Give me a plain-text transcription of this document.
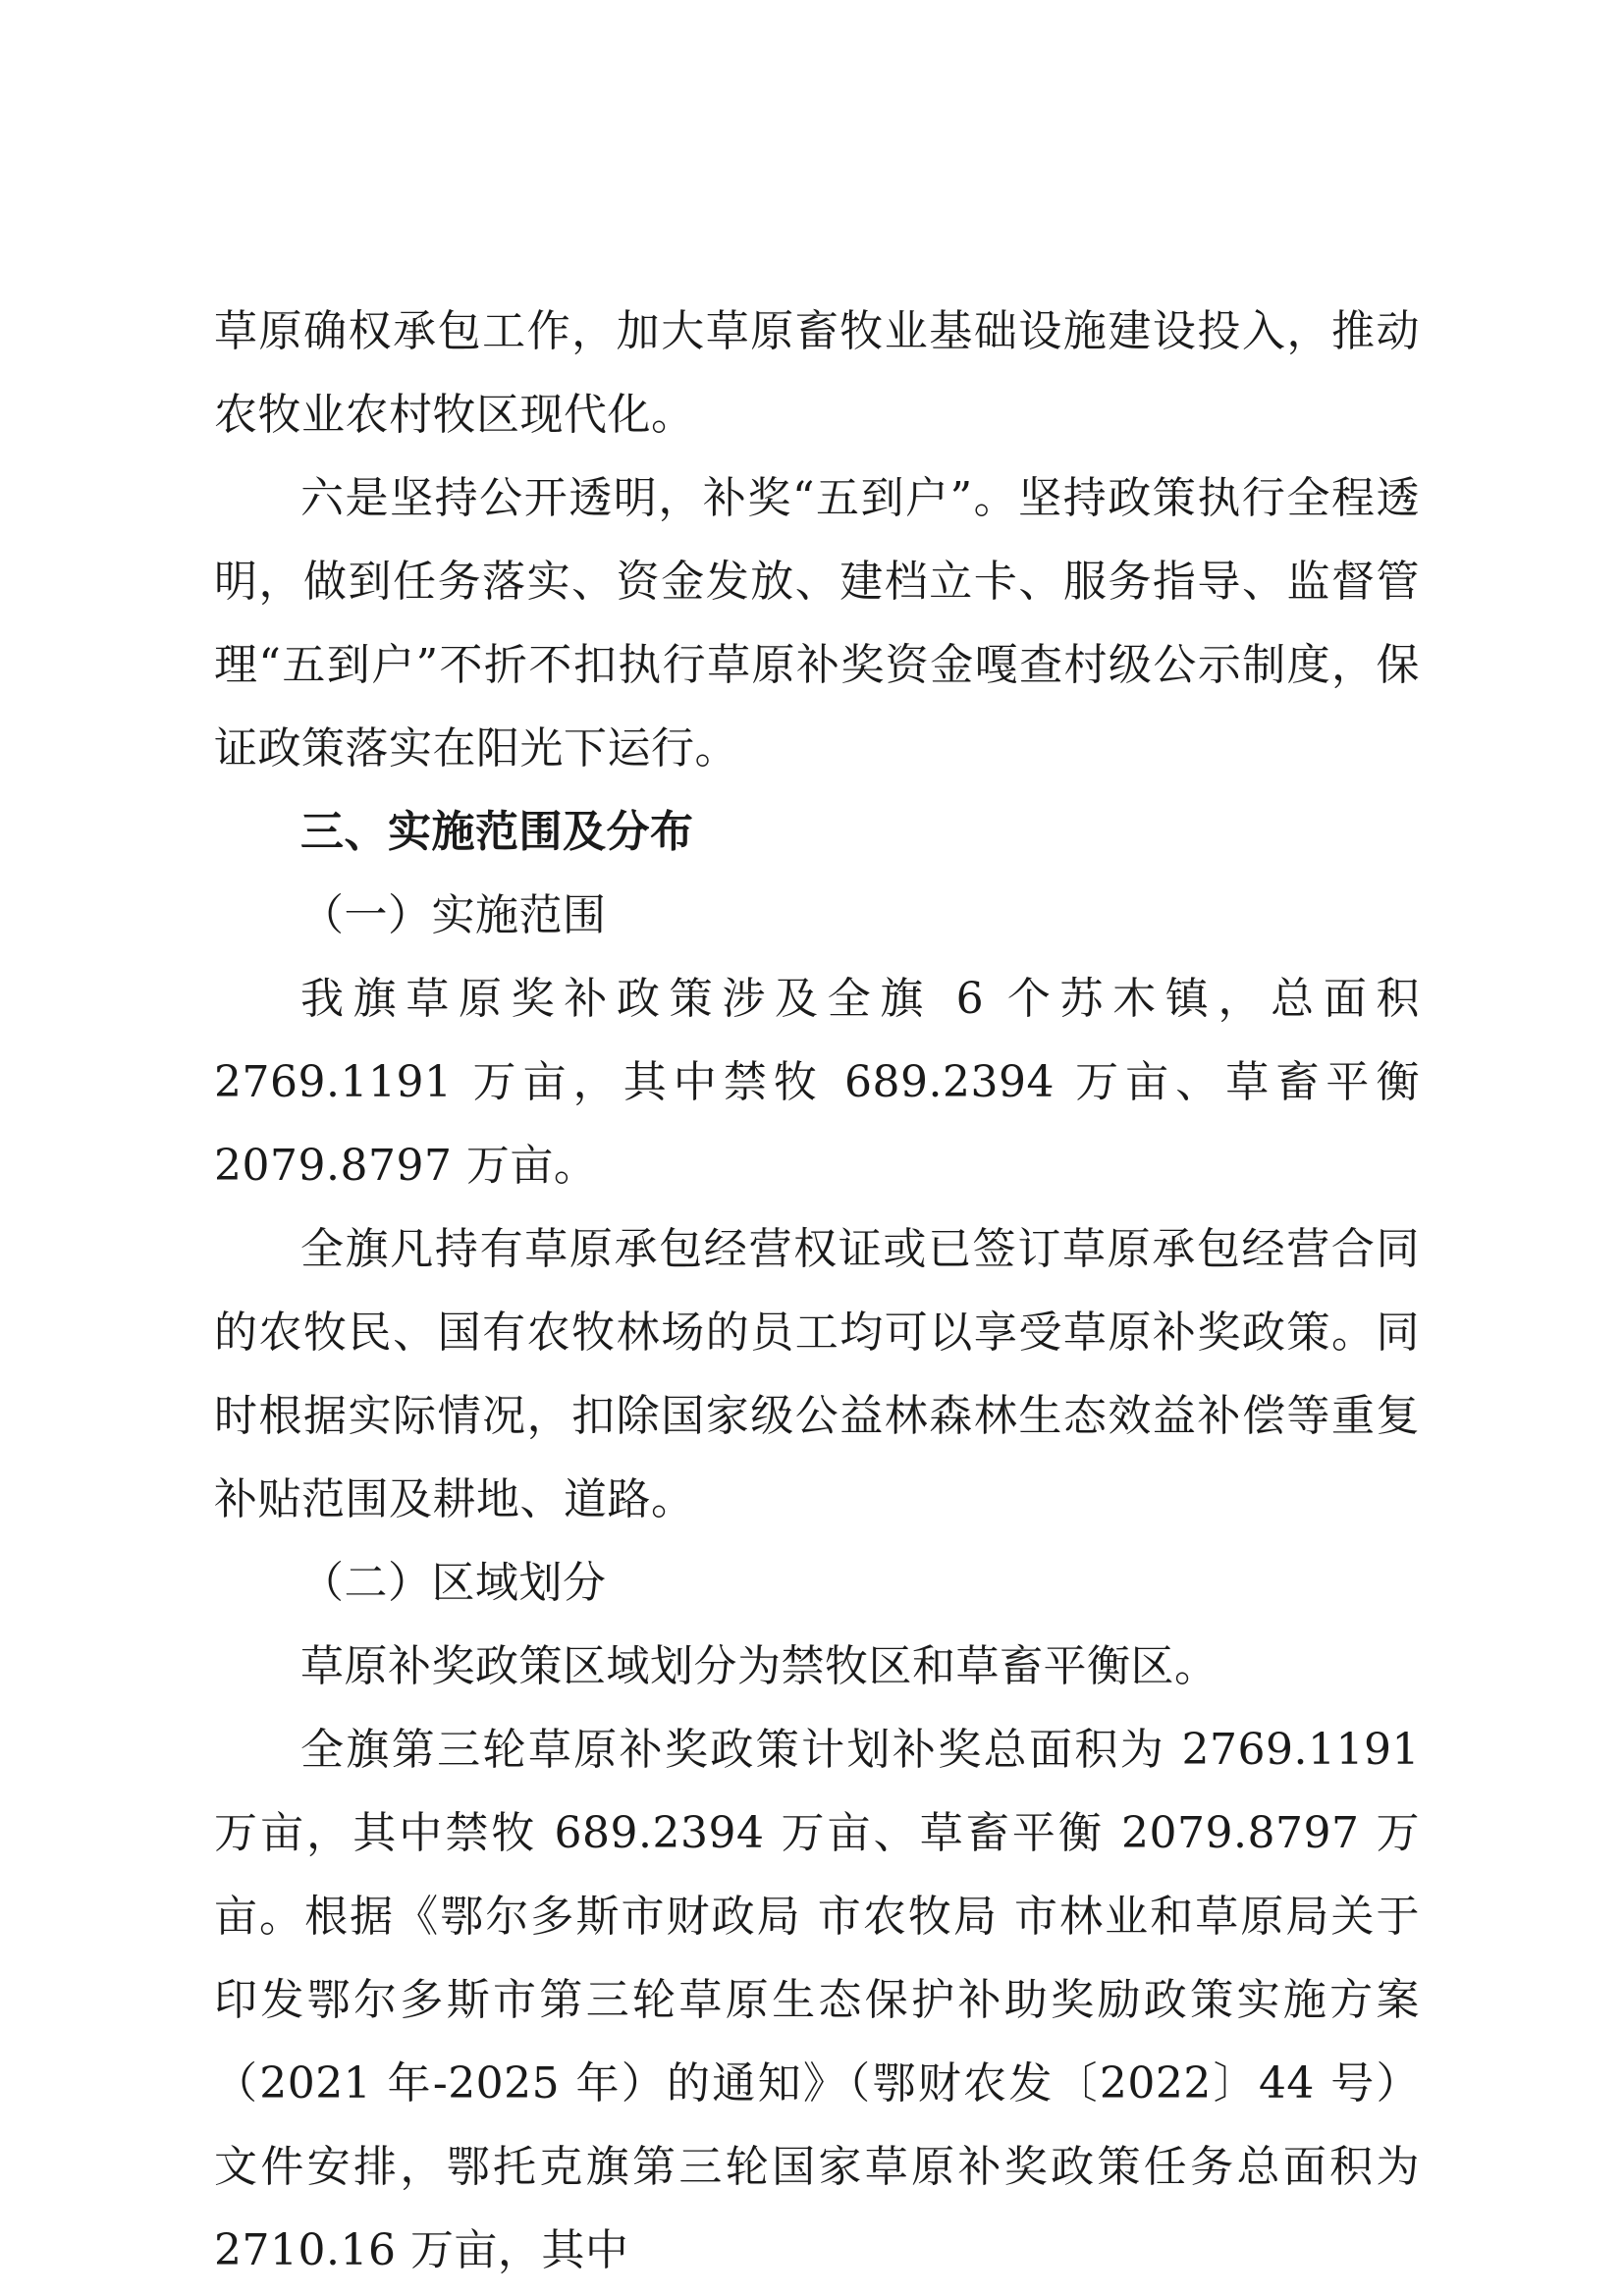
草原确权承包工作，加大草原畜牧业基础设施建设投入，推动农牧业农村牧区现代化。

六是坚持公开透明，补奖“五到户”。坚持政策执行全程透明，做到任务落实、资金发放、建档立卡、服务指导、监督管理“五到户”不折不扣执行草原补奖资金嘎查村级公示制度，保证政策落实在阳光下运行。

三、实施范围及分布

（一）实施范围

我旗草原奖补政策涉及全旗 6 个苏木镇，总面积 2769.1191 万亩，其中禁牧 689.2394 万亩、草畜平衡 2079.8797 万亩。

全旗凡持有草原承包经营权证或已签订草原承包经营合同的农牧民、国有农牧林场的员工均可以享受草原补奖政策。同时根据实际情况，扣除国家级公益林森林生态效益补偿等重复补贴范围及耕地、道路。

（二）区域划分

草原补奖政策区域划分为禁牧区和草畜平衡区。

全旗第三轮草原补奖政策计划补奖总面积为 2769.1191 万亩，其中禁牧 689.2394 万亩、草畜平衡 2079.8797 万亩。根据《鄂尔多斯市财政局 市农牧局 市林业和草原局关于印发鄂尔多斯市第三轮草原生态保护补助奖励政策实施方案（2021 年-2025 年）的通知》（鄂财农发〔2022〕44 号）文件安排，鄂托克旗第三轮国家草原补奖政策任务总面积为 2710.16 万亩，其中
